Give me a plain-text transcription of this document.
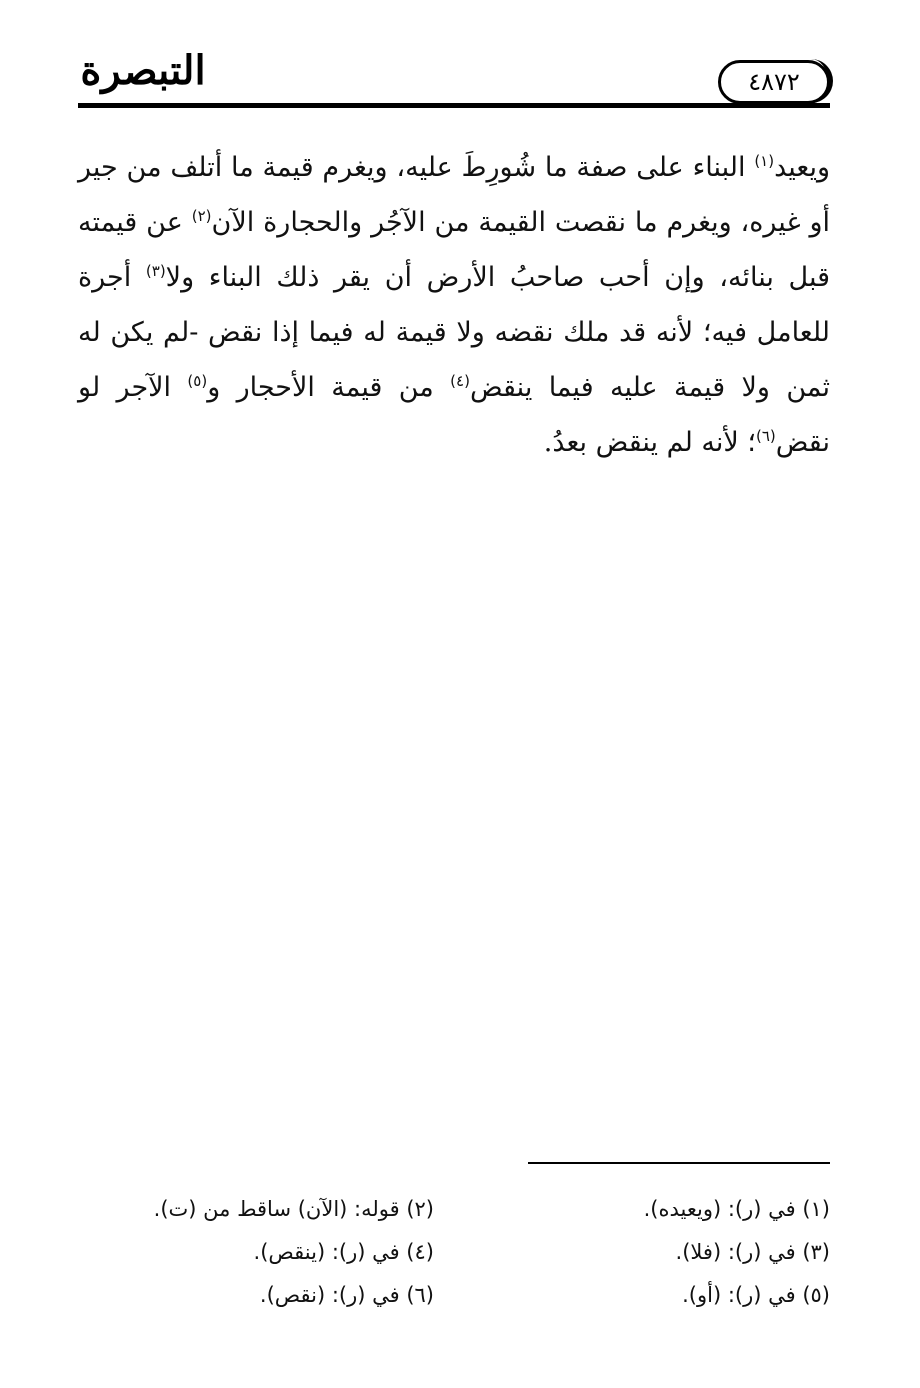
التبصرة	٤٨٧٢

ويعيد$^{(١)}$ البناء على صفة ما شُورِطَ عليه، ويغرم قيمة ما أتلف من جير أو غيره، ويغرم ما نقصت القيمة من الآجُر والحجارة الآن$^{(٢)}$ عن قيمته قبل بنائه، وإن أحب صاحبُ الأرض أن يقر ذلك البناء ولا$^{(٣)}$ أجرة للعامل فيه؛ لأنه قد ملك نقضه ولا قيمة له فيما إذا نقض -لم يكن له ثمن ولا قيمة عليه فيما ينقض$^{(٤)}$ من قيمة الأحجار و$^{(٥)}$ الآجر لو نقض$^{(٦)}$؛ لأنه لم ينقض بعدُ.

(١) في (ر): (ويعيده).
(٢) قوله: (الآن) ساقط من (ت).
(٣) في (ر): (فلا).
(٤) في (ر): (ينقص).
(٥) في (ر): (أو).
(٦) في (ر): (نقص).
